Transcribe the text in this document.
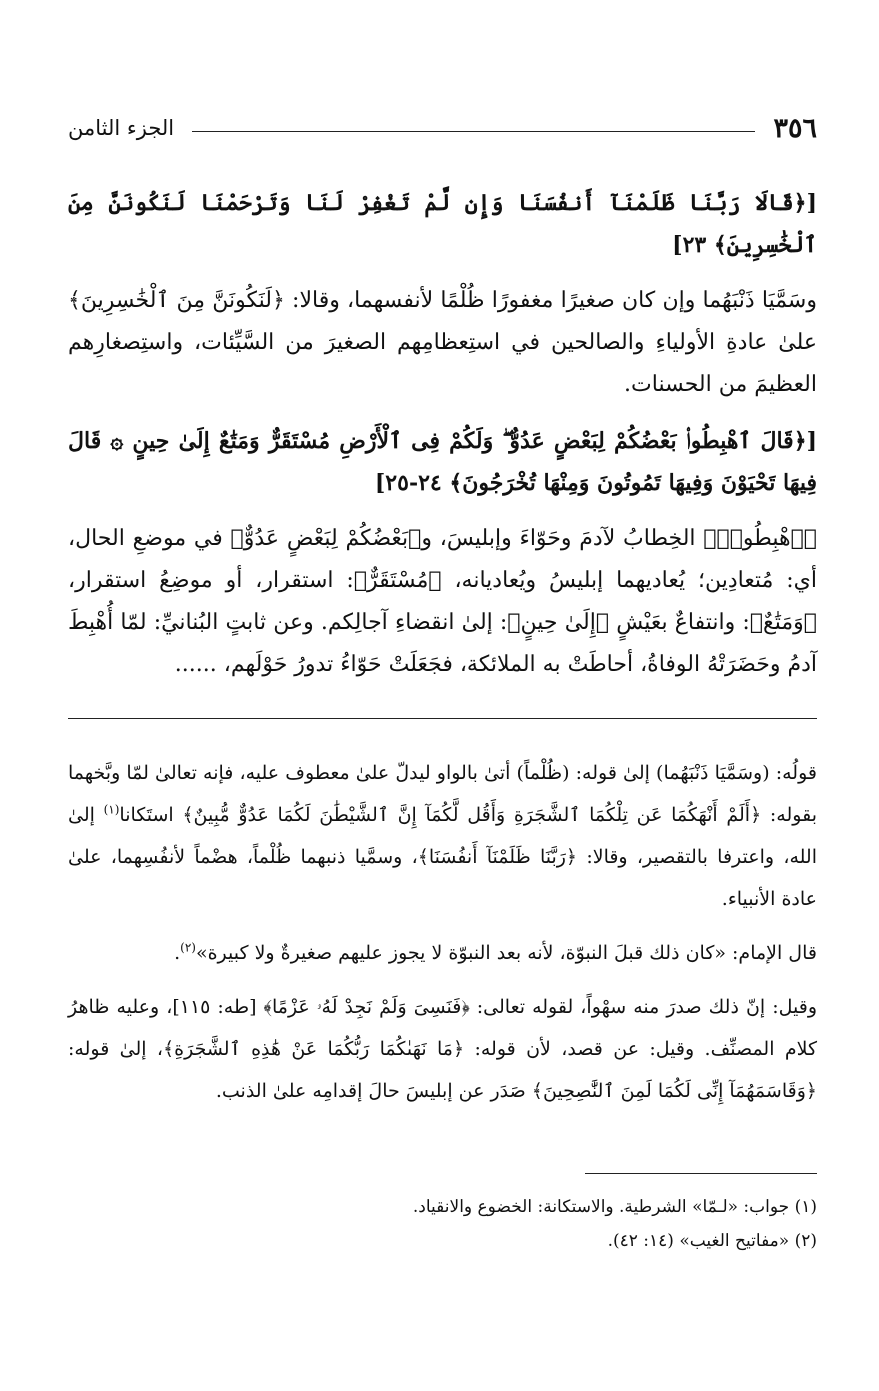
٣٥٦
الجزء الثامن

[﴿قَالَا رَبَّنَا ظَلَمْنَآ أَنفُسَنَا وَإِن لَّمْ تَغْفِرْ لَنَا وَتَرْحَمْنَا لَنَكُونَنَّ مِنَ ٱلْخَٰسِرِينَ﴾ ٢٣]

وسَمَّيَا ذَنْبَهُما وإن كان صغيرًا مغفورًا ظُلْمًا لأنفسهما، وقالا: ﴿لَنَكُونَنَّ مِنَ ٱلْخَٰسِرِينَ﴾ علىٰ عادةِ الأولياءِ والصالحين في استِعظامِهم الصغيرَ من السَّيِّئات، واستِصغارِهم العظيمَ من الحسنات.

[﴿قَالَ ٱهْبِطُوا۟ بَعْضُكُمْ لِبَعْضٍ عَدُوٌّ ۖ وَلَكُمْ فِى ٱلْأَرْضِ مُسْتَقَرٌّ وَمَتَٰعٌ إِلَىٰ حِينٍ ۞ قَالَ فِيهَا تَحْيَوْنَ وَفِيهَا تَمُوتُونَ وَمِنْهَا تُخْرَجُونَ﴾ ٢٤-٢٥]

﴿ٱهْبِطُوا۟﴾ الخِطابُ لآدمَ وحَوّاءَ وإبليسَ، و﴿بَعْضُكُمْ لِبَعْضٍ عَدُوٌّ﴾ في موضعِ الحال، أي: مُتعادِين؛ يُعاديهما إبليسُ ويُعاديانه، ﴿مُسْتَقَرٌّ﴾: استقرار، أو موضِعُ استقرار، ﴿وَمَتَٰعٌ﴾: وانتفاعٌ بعَيْشٍ ﴿إِلَىٰ حِينٍ﴾: إلىٰ انقضاءِ آجالِكم. وعن ثابتٍ البُنانيِّ: لمّا أُهْبِطَ آدمُ وحَضَرَتْهُ الوفاةُ، أحاطَتْ به الملائكة، فجَعَلَتْ حَوّاءُ تدورُ حَوْلَهم، ......

قولُه: (وسَمَّيَا ذَنْبَهُما) إلىٰ قوله: (ظُلْماً) أتىٰ بالواو ليدلّ علىٰ معطوف عليه، فإنه تعالىٰ لمّا وبَّخهما بقوله: ﴿أَلَمْ أَنْهَكُمَا عَن تِلْكُمَا ٱلشَّجَرَةِ وَأَقُل لَّكُمَآ إِنَّ ٱلشَّيْطَٰنَ لَكُمَا عَدُوٌّ مُّبِينٌ﴾ استَكانا$^{(١)}$ إلىٰ الله، واعترفا بالتقصير، وقالا: ﴿رَبَّنَا ظَلَمْنَآ أَنفُسَنَا﴾، وسمَّيا ذنبهما ظُلْماً، هضْماً لأنفُسِهما، علىٰ عادة الأنبياء.

قال الإمام: «كان ذلك قبلَ النبوّة، لأنه بعد النبوّة لا يجوز عليهم صغيرةٌ ولا كبيرة»$^{(٢)}$.

وقيل: إنّ ذلك صدرَ منه سهْواً، لقوله تعالى: ﴿فَنَسِىَ وَلَمْ نَجِدْ لَهُۥ عَزْمًا﴾ [طه: ١١٥]، وعليه ظاهرُ كلام المصنِّف. وقيل: عن قصد، لأن قوله: ﴿مَا نَهَىٰكُمَا رَبُّكُمَا عَنْ هَٰذِهِ ٱلشَّجَرَةِ﴾، إلىٰ قوله: ﴿وَقَاسَمَهُمَآ إِنِّى لَكُمَا لَمِنَ ٱلنَّٰصِحِينَ﴾ صَدَر عن إبليسَ حالَ إقدامِه علىٰ الذنب.

(١) جواب: «لـمّا» الشرطية. والاستكانة: الخضوع والانقياد.

(٢) «مفاتيح الغيب» (١٤: ٤٢).
